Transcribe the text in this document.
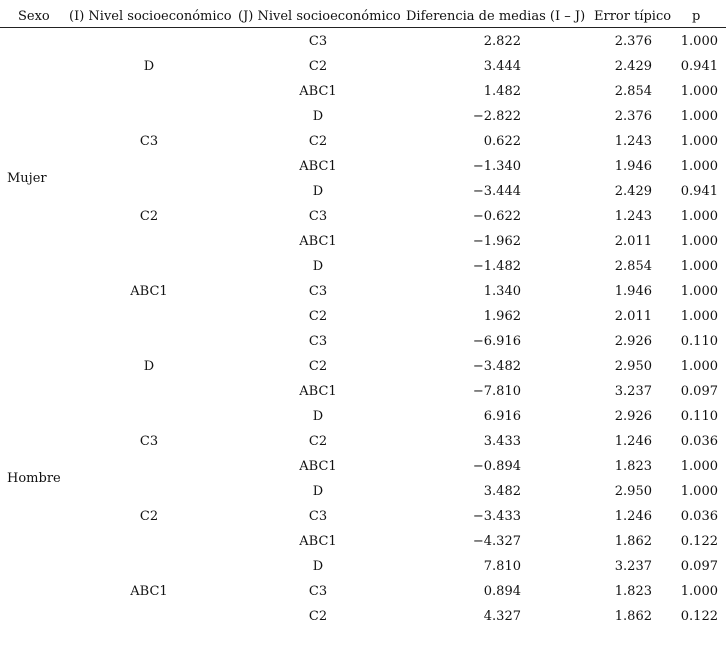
Sexo (I) Nivel socioeconómico (J) Nivel socioeconómico Diferencia de medias (I – J) Error típico p
Mujer
D
C3	2.822	2.376 1.000
C2	3.444	2.429 0.941
ABC1	1.482	2.854 1.000
C3
D	−2.822	2.376 1.000
C2	0.622	1.243 1.000
ABC1	−1.340	1.946 1.000
C2
D	−3.444	2.429 0.941
C3	−0.622	1.243 1.000
ABC1	−1.962	2.011 1.000
ABC1
D	−1.482	2.854 1.000
C3	1.340	1.946 1.000
C2	1.962	2.011 1.000
Hombre
D
C3	−6.916	2.926 0.110
C2	−3.482	2.950 1.000
ABC1	−7.810	3.237 0.097
C3
D	6.916	2.926 0.110
C2	3.433	1.246 0.036
ABC1	−0.894	1.823 1.000
C2
D	3.482	2.950 1.000
C3	−3.433	1.246 0.036
ABC1	−4.327	1.862 0.122
ABC1
D	7.810	3.237 0.097
C3	0.894	1.823 1.000
C2	4.327	1.862 0.122
